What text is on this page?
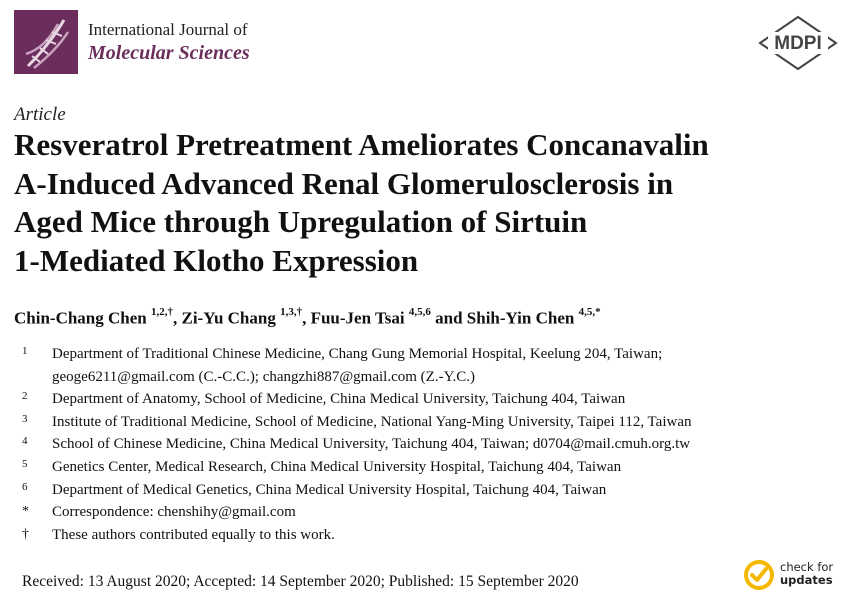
International Journal of
Molecular Sciences	MDPI
Article
Resveratrol Pretreatment Ameliorates Concanavalin
A-Induced Advanced Renal Glomerulosclerosis in
Aged Mice through Upregulation of Sirtuin
1-Mediated Klotho Expression
Chin-Chang Chen $^{1,2,\dagger}$, Zi-Yu Chang $^{1,3,\dagger}$, Fuu-Jen Tsai $^{4,5,6}$ and Shih-Yin Chen $^{4,5,*}$
1 Department of Traditional Chinese Medicine, Chang Gung Memorial Hospital, Keelung 204, Taiwan;
geoge6211@gmail.com (C.-C.C.); changzhi887@gmail.com (Z.-Y.C.)
2 Department of Anatomy, School of Medicine, China Medical University, Taichung 404, Taiwan
3 Institute of Traditional Medicine, School of Medicine, National Yang-Ming University, Taipei 112, Taiwan
4 School of Chinese Medicine, China Medical University, Taichung 404, Taiwan; d0704@mail.cmuh.org.tw
5 Genetics Center, Medical Research, China Medical University Hospital, Taichung 404, Taiwan
6 Department of Medical Genetics, China Medical University Hospital, Taichung 404, Taiwan
* Correspondence: chenshihy@gmail.com
† These authors contributed equally to this work.
Received: 13 August 2020; Accepted: 14 September 2020; Published: 15 September 2020
check for
updates
